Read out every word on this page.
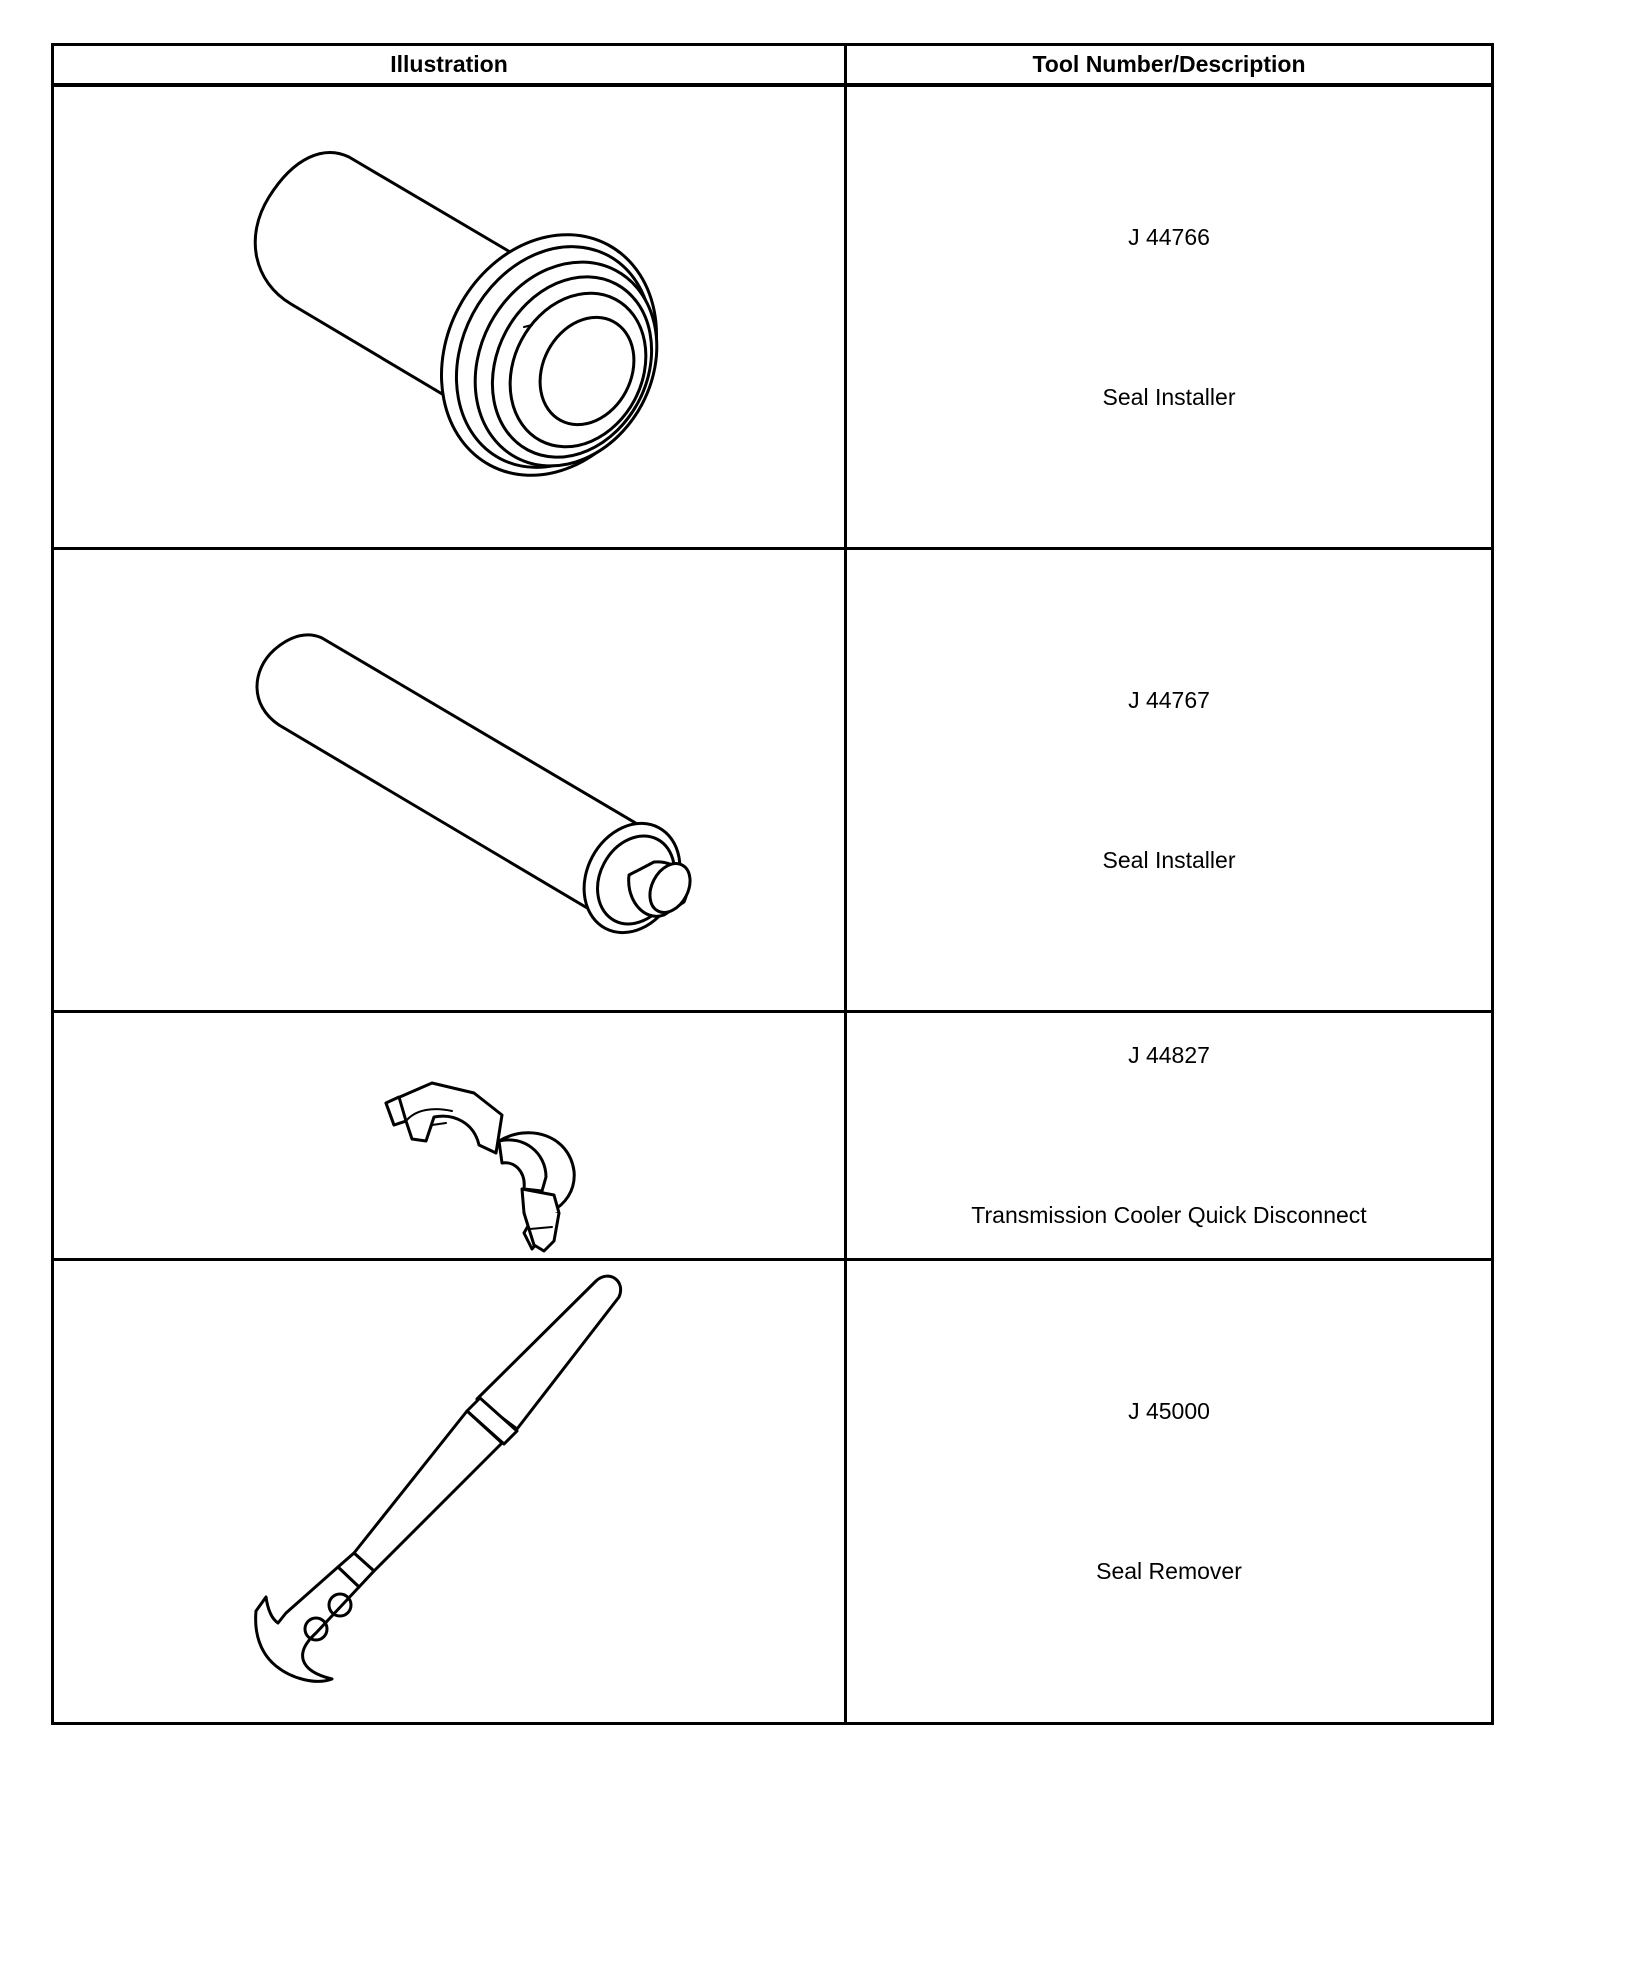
Illustration	Tool Number/Description

J 44766
Seal Installer

J 44767
Seal Installer

J 44827
Transmission Cooler Quick Disconnect

J 45000
Seal Remover
